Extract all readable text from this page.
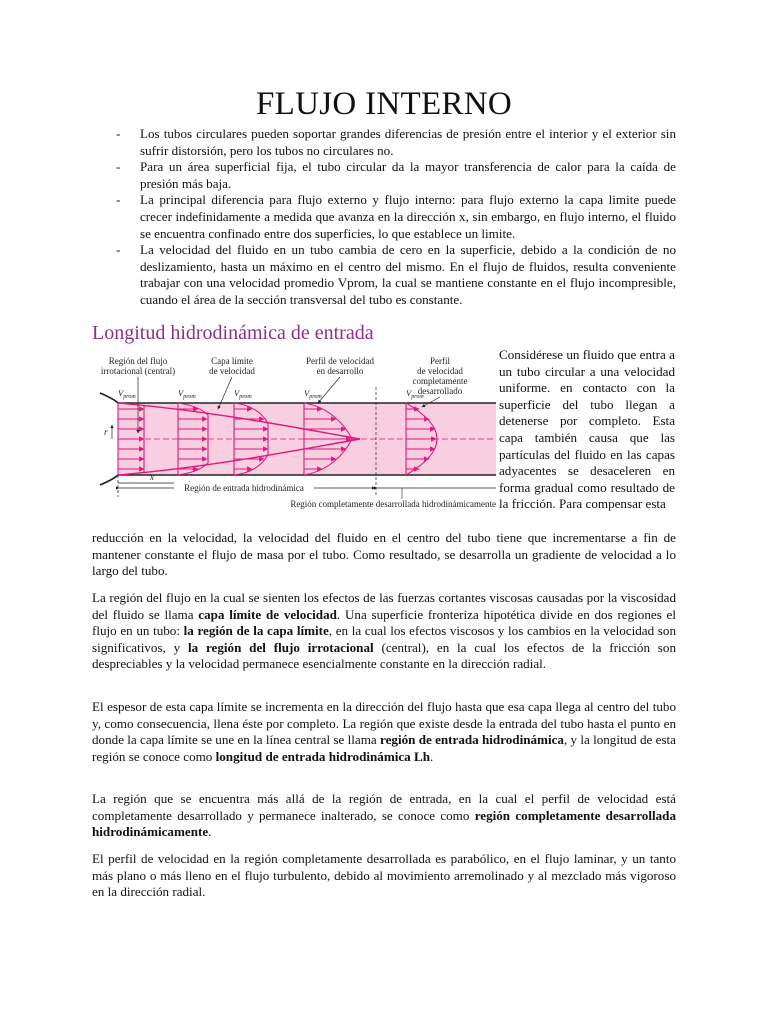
FLUJO INTERNO
- Los tubos circulares pueden soportar grandes diferencias de presión entre el interior y el exterior sin sufrir distorsión, pero los tubos no circulares no.
- Para un área superficial fija, el tubo circular da la mayor transferencia de calor para la caída de presión más baja.
- La principal diferencia para flujo externo y flujo interno: para flujo externo la capa limite puede crecer indefinidamente a medida que avanza en la dirección x, sin embargo, en flujo interno, el fluido se encuentra confinado entre dos superficies, lo que establece un limite.
- La velocidad del fluido en un tubo cambia de cero en la superficie, debido a la condición de no deslizamiento, hasta un máximo en el centro del mismo. En el flujo de fluidos, resulta conveniente trabajar con una velocidad promedio Vprom, la cual se mantiene constante en el flujo incompresible, cuando el área de la sección transversal del tubo es constante.
Longitud hidrodinámica de entrada
Región del flujo
irrotacional (central)
Capa límite
de velocidad
Perfil de velocidad
en desarrollo
Perfil
de velocidad
completamente
desarrollado
$V_{prom}$	$V_{prom}$	$V_{prom}$	$V_{prom}$	$V_{prom}$
r
x
Región de entrada hidrodinámica
Región completamente desarrollada hidrodinámicamente

Considérese un fluido que entra a un tubo circular a una velocidad uniforme. en contacto con la superficie del tubo llegan a detenerse por completo. Esta capa también causa que las partículas del fluido en las capas adyacentes se desaceleren en forma gradual como resultado de la fricción. Para compensar esta

reducción en la velocidad, la velocidad del fluido en el centro del tubo tiene que incrementarse a fin de mantener constante el flujo de masa por el tubo. Como resultado, se desarrolla un gradiente de velocidad a lo largo del tubo.

La región del flujo en la cual se sienten los efectos de las fuerzas cortantes viscosas causadas por la viscosidad del fluido se llama capa límite de velocidad. Una superficie fronteriza hipotética divide en dos regiones el flujo en un tubo: la región de la capa límite, en la cual los efectos viscosos y los cambios en la velocidad son significativos, y la región del flujo irrotacional (central), en la cual los efectos de la fricción son despreciables y la velocidad permanece esencialmente constante en la dirección radial.

El espesor de esta capa límite se incrementa en la dirección del flujo hasta que esa capa llega al centro del tubo y, como consecuencia, llena éste por completo. La región que existe desde la entrada del tubo hasta el punto en donde la capa límite se une en la línea central se llama región de entrada hidrodinámica, y la longitud de esta región se conoce como longitud de entrada hidrodinámica Lh.

La región que se encuentra más allá de la región de entrada, en la cual el perfil de velocidad está completamente desarrollado y permanece inalterado, se conoce como región completamente desarrollada hidrodinámicamente.

El perfil de velocidad en la región completamente desarrollada es parabólico, en el flujo laminar, y un tanto más plano o más lleno en el flujo turbulento, debido al movimiento arremolinado y al mezclado más vigoroso en la dirección radial.
